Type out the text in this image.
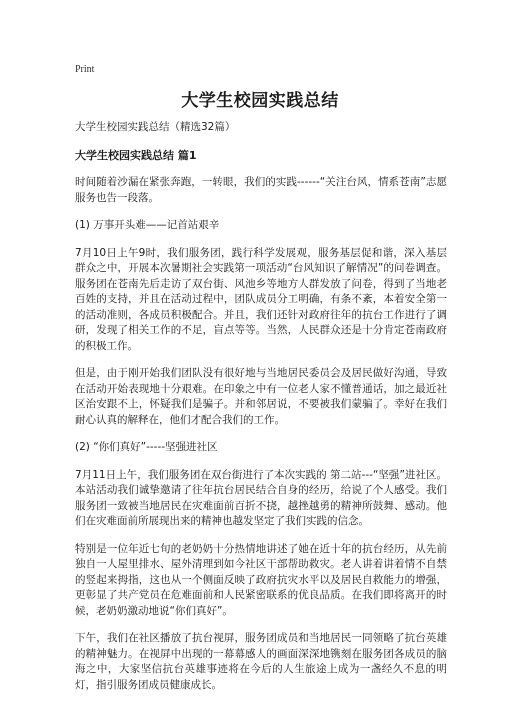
Print
大学生校园实践总结

大学生校园实践总结（精选32篇）

大学生校园实践总结 篇1

时间随着沙漏在紧张奔跑，一转眼，我们的实践------“关注台风，情系苍南”志愿服务也告一段落。

(1) 万事开头难——记首站艰辛

7月10日上午9时，我们服务团，践行科学发展观，服务基层促和谐，深入基层群众之中，开展本次暑期社会实践第一项活动“台风知识了解情况”的问卷调查。服务团在苍南先后走访了双台街、风池乡等地方人群发放了问卷，得到了当地老百姓的支持，并且在活动过程中，团队成员分工明确，有条不紊，本着安全第一的活动准则，各成员积极配合。并且，我们还针对政府往年的抗台工作进行了调研，发现了相关工作的不足，盲点等等。当然，人民群众还是十分肯定苍南政府的积极工作。

但是，由于刚开始我们团队没有很好地与当地居民委员会及居民做好沟通，导致在活动开始表现地十分艰难。在印象之中有一位老人家不懂普通话，加之最近社区治安跟不上，怀疑我们是骗子。并和邻居说，不要被我们蒙骗了。幸好在我们耐心认真的解释在，他们才配合我们的工作。

(2) “你们真好”-----坚强进社区

7月11日上午，我们服务团在双台街进行了本次实践的 第二站---“坚强”进社区。本站活动我们诚挚邀请了往年抗台居民结合自身的经历，给说了个人感受。我们服务团一致被当地居民在灾难面前百折不挠，越挫越勇的精神所鼓舞、感动。他们在灾难面前所展现出来的精神也越发坚定了我们实践的信念。

特别是一位年近七旬的老奶奶十分热情地讲述了她在近十年的抗台经历，从先前独自一人屋里排水、屋外清理到如今社区干部帮助救灾。老人讲着讲着情不自禁的竖起来拇指，这也从一个侧面反映了政府抗灾水平以及居民自救能力的增强，更彰显了共产党员在危难面前和人民紧密联系的优良品质。在我们即将离开的时候，老奶奶激动地说“你们真好”。

下午，我们在社区播放了抗台视屏，服务团成员和当地居民一同领略了抗台英雄的精神魅力。在视屏中出现的一幕幕感人的画面深深地镌刻在服务团各成员的脑海之中，大家坚信抗台英雄事迹将在今后的人生旅途上成为一盏经久不息的明灯，指引服务团成员健康成长。
